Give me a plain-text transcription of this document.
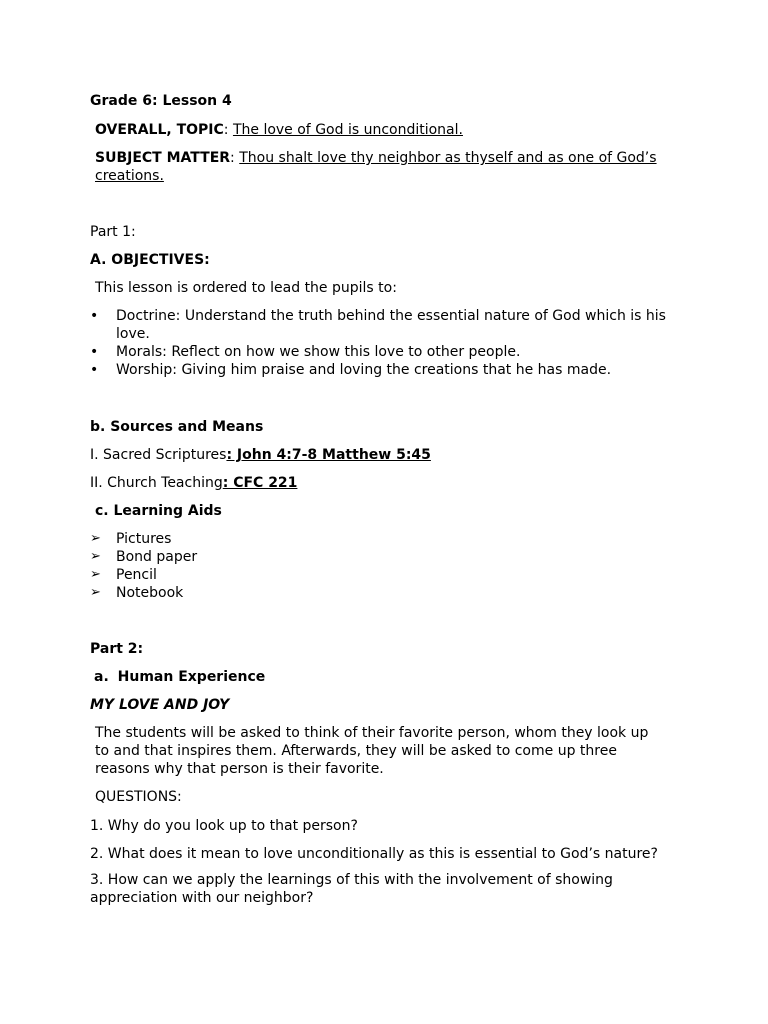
Grade 6: Lesson 4
OVERALL, TOPIC: The love of God is unconditional.
SUBJECT MATTER: Thou shalt love thy neighbor as thyself and as one of God’s creations.
Part 1:
A. OBJECTIVES:
This lesson is ordered to lead the pupils to:
•	Doctrine: Understand the truth behind the essential nature of God which is his love.
•	Morals: Reflect on how we show this love to other people.
•	Worship: Giving him praise and loving the creations that he has made.
b. Sources and Means
I. Sacred Scriptures: John 4:7-8 Matthew 5:45
II. Church Teaching: CFC 221
c. Learning Aids
➢	Pictures
➢	Bond paper
➢	Pencil
➢	Notebook
Part 2:
a. Human Experience
MY LOVE AND JOY
The students will be asked to think of their favorite person, whom they look up to and that inspires them. Afterwards, they will be asked to come up three reasons why that person is their favorite.
QUESTIONS:
1. Why do you look up to that person?
2. What does it mean to love unconditionally as this is essential to God’s nature?
3. How can we apply the learnings of this with the involvement of showing appreciation with our neighbor?
